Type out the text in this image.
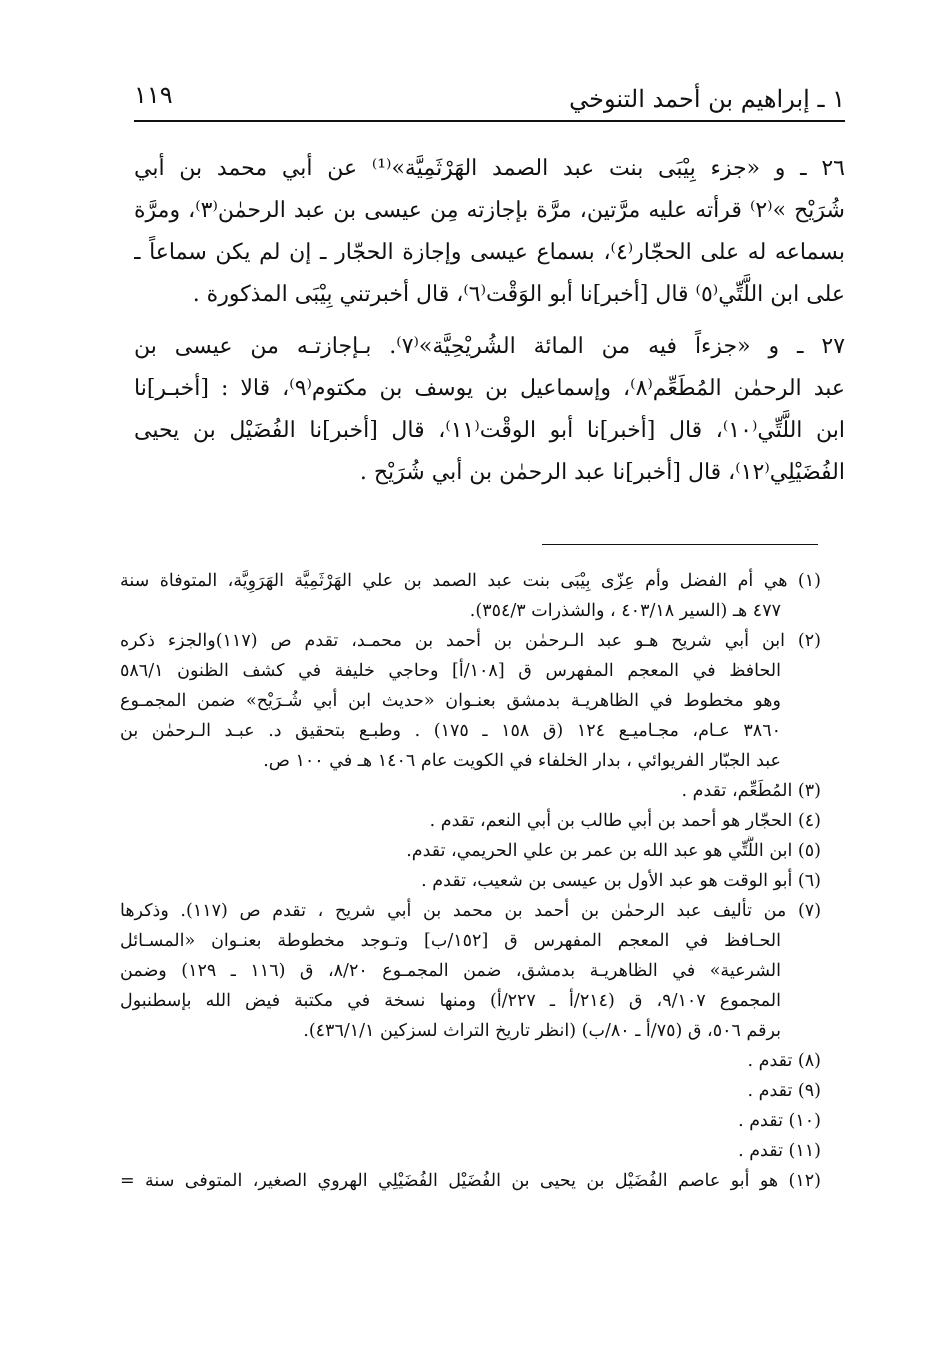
١ ـ إبراهيم بن أحمد التنوخي
١١٩
٢٦ ـ و «جزء بِيْبَى بنت عبد الصمد الهَرْثَمِيَّة»⁽¹⁾ عن أبي محمد بن أبي
شُرَيْح »⁽٢⁾ قرأته عليه مرَّتين، مرَّة بإجازته مِن عيسى بن عبد الرحمٰن⁽٣⁾، ومرَّة
بسماعه له على الحجّار⁽٤⁾، بسماع عيسى وإجازة الحجّار ـ إن لم يكن سماعاً ـ
على ابن اللَّتِّي⁽٥⁾ قال [أخبر]نا أبو الوَقْت⁽٦⁾، قال أخبرتني بِيْبَى المذكورة .
٢٧ ـ و «جزءاً فيه من المائة الشُريْحِيَّة»⁽٧⁾. بـإجازتـه من عيسى بن
عبد الرحمٰن المُطَعِّم⁽٨⁾، وإسماعيل بن يوسف بن مكتوم⁽٩⁾، قالا : [أخبـر]نا
ابن اللَّتِّي⁽١٠⁾، قال [أخبر]نا أبو الوقْت⁽١١⁾، قال [أخبر]نا الفُضَيْل بن يحيى
الفُضَيْلِي⁽١٢⁾، قال [أخبر]نا عبد الرحمٰن بن أبي شُرَيْح .
(١) هي أم الفضل وأم عِزّى بِيْبَى بنت عبد الصمد بن علي الهَرْثَمِيَّة الهَرَوِيَّة، المتوفاة سنة
٤٧٧ هـ (السير ٤٠٣/١٨ ، والشذرات ٣٥٤/٣).
(٢) ابن أبي شريح هـو عبد الـرحمٰن بن أحمد بن محمـد، تقدم ص (١١٧)والجزء ذكره
الحافظ في المعجم المفهرس ق [١٠٨/أ] وحاجي خليفة في كشف الظنون ٥٨٦/١
وهو مخطوط في الظاهريـة بدمشق بعنـوان «حديث ابن أبي شُـرَيْح» ضمن المجمـوع
٣٨٦٠ عـام، مجـاميـع ١٢٤ (ق ١٥٨ ـ ١٧٥) . وطبـع بتحقيق د. عبـد الـرحمٰن بن
عبد الجبّار الفريوائي ، بدار الخلفاء في الكويت عام ١٤٠٦ هـ في ١٠٠ ص.
(٣) المُطَعِّم، تقدم .
(٤) الحجّار هو أحمد بن أبي طالب بن أبي النعم، تقدم .
(٥) ابن اللَّتِّي هو عبد الله بن عمر بن علي الحريمي، تقدم.
(٦) أبو الوقت هو عبد الأول بن عيسى بن شعيب، تقدم .
(٧) من تأليف عبد الرحمٰن بن أحمد بن محمد بن أبي شريح ، تقدم ص (١١٧). وذكرها
الحـافظ في المعجم المفهرس ق [١٥٢/ب] وتـوجد مخطوطة بعنـوان «المسـائل
الشرعية» في الظاهريـة بدمشق، ضمن المجمـوع ٨/٢٠، ق (١١٦ ـ ١٢٩) وضمن
المجموع ٩/١٠٧، ق (٢١٤/أ ـ ٢٢٧/أ) ومنها نسخة في مكتبة فيض الله بإسطنبول
برقم ٥٠٦، ق (٧٥/أ ـ ٨٠/ب) (انظر تاريخ التراث لسزكين ٤٣٦/١/١).
(٨) تقدم .
(٩) تقدم .
(١٠) تقدم .
(١١) تقدم .
(١٢) هو أبو عاصم الفُضَيْل بن يحيى بن الفُضَيْل الفُضَيْلِي الهروي الصغير، المتوفى سنة =
